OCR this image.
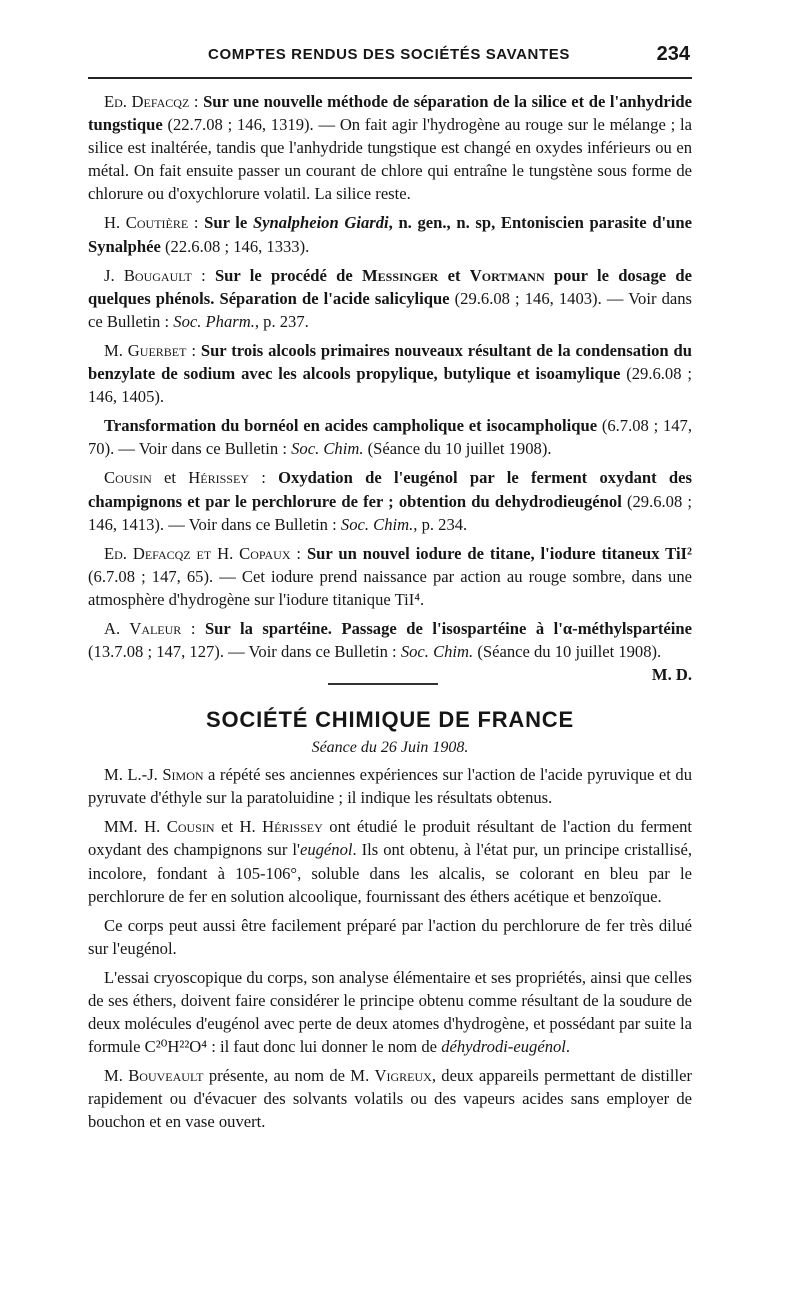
COMPTES RENDUS DES SOCIÉTÉS SAVANTES	234

Ed. Defacqz : Sur une nouvelle méthode de séparation de la silice et de l'anhydride tungstique (22.7.08 ; 146, 1319). — On fait agir l'hydrogène au rouge sur le mélange ; la silice est inaltérée, tandis que l'anhydride tungstique est changé en oxydes inférieurs ou en métal. On fait ensuite passer un courant de chlore qui entraîne le tungstène sous forme de chlorure ou d'oxychlorure volatil. La silice reste.

H. Coutière : Sur le Synalpheion Giardi, n. gen., n. sp, Entoniscien parasite d'une Synalphée (22.6.08 ; 146, 1333).

J. Bougault : Sur le procédé de Messinger et Vortmann pour le dosage de quelques phénols. Séparation de l'acide salicylique (29.6.08 ; 146, 1403). — Voir dans ce Bulletin : Soc. Pharm., p. 237.

M. Guerbet : Sur trois alcools primaires nouveaux résultant de la condensation du benzylate de sodium avec les alcools propylique, butylique et isoamylique (29.6.08 ; 146, 1405).

Transformation du bornéol en acides campholique et isocampholique (6.7.08 ; 147, 70). — Voir dans ce Bulletin : Soc. Chim. (Séance du 10 juillet 1908).

Cousin et Hérissey : Oxydation de l'eugénol par le ferment oxydant des champignons et par le perchlorure de fer ; obtention du dehydrodieugénol (29.6.08 ; 146, 1413). — Voir dans ce Bulletin : Soc. Chim., p. 234.

Ed. Defacqz et H. Copaux : Sur un nouvel iodure de titane, l'iodure titaneux TiI² (6.7.08 ; 147, 65). — Cet iodure prend naissance par action au rouge sombre, dans une atmosphère d'hydrogène sur l'iodure titanique TiI⁴.

A. Valeur : Sur la spartéine. Passage de l'isospartéine à l'α-méthylspartéine (13.7.08 ; 147, 127). — Voir dans ce Bulletin : Soc. Chim. (Séance du 10 juillet 1908).
M. D.

SOCIÉTÉ CHIMIQUE DE FRANCE
Séance du 26 Juin 1908.

M. L.-J. Simon a répété ses anciennes expériences sur l'action de l'acide pyruvique et du pyruvate d'éthyle sur la paratoluidine ; il indique les résultats obtenus.

MM. H. Cousin et H. Hérissey ont étudié le produit résultant de l'action du ferment oxydant des champignons sur l'eugénol. Ils ont obtenu, à l'état pur, un principe cristallisé, incolore, fondant à 105-106°, soluble dans les alcalis, se colorant en bleu par le perchlorure de fer en solution alcoolique, fournissant des éthers acétique et benzoïque.

Ce corps peut aussi être facilement préparé par l'action du perchlorure de fer très dilué sur l'eugénol.

L'essai cryoscopique du corps, son analyse élémentaire et ses propriétés, ainsi que celles de ses éthers, doivent faire considérer le principe obtenu comme résultant de la soudure de deux molécules d'eugénol avec perte de deux atomes d'hydrogène, et possédant par suite la formule C²⁰H²²O⁴ : il faut donc lui donner le nom de déhydrodi-eugénol.

M. Bouveault présente, au nom de M. Vigreux, deux appareils permettant de distiller rapidement ou d'évacuer des solvants volatils ou des vapeurs acides sans employer de bouchon et en vase ouvert.
